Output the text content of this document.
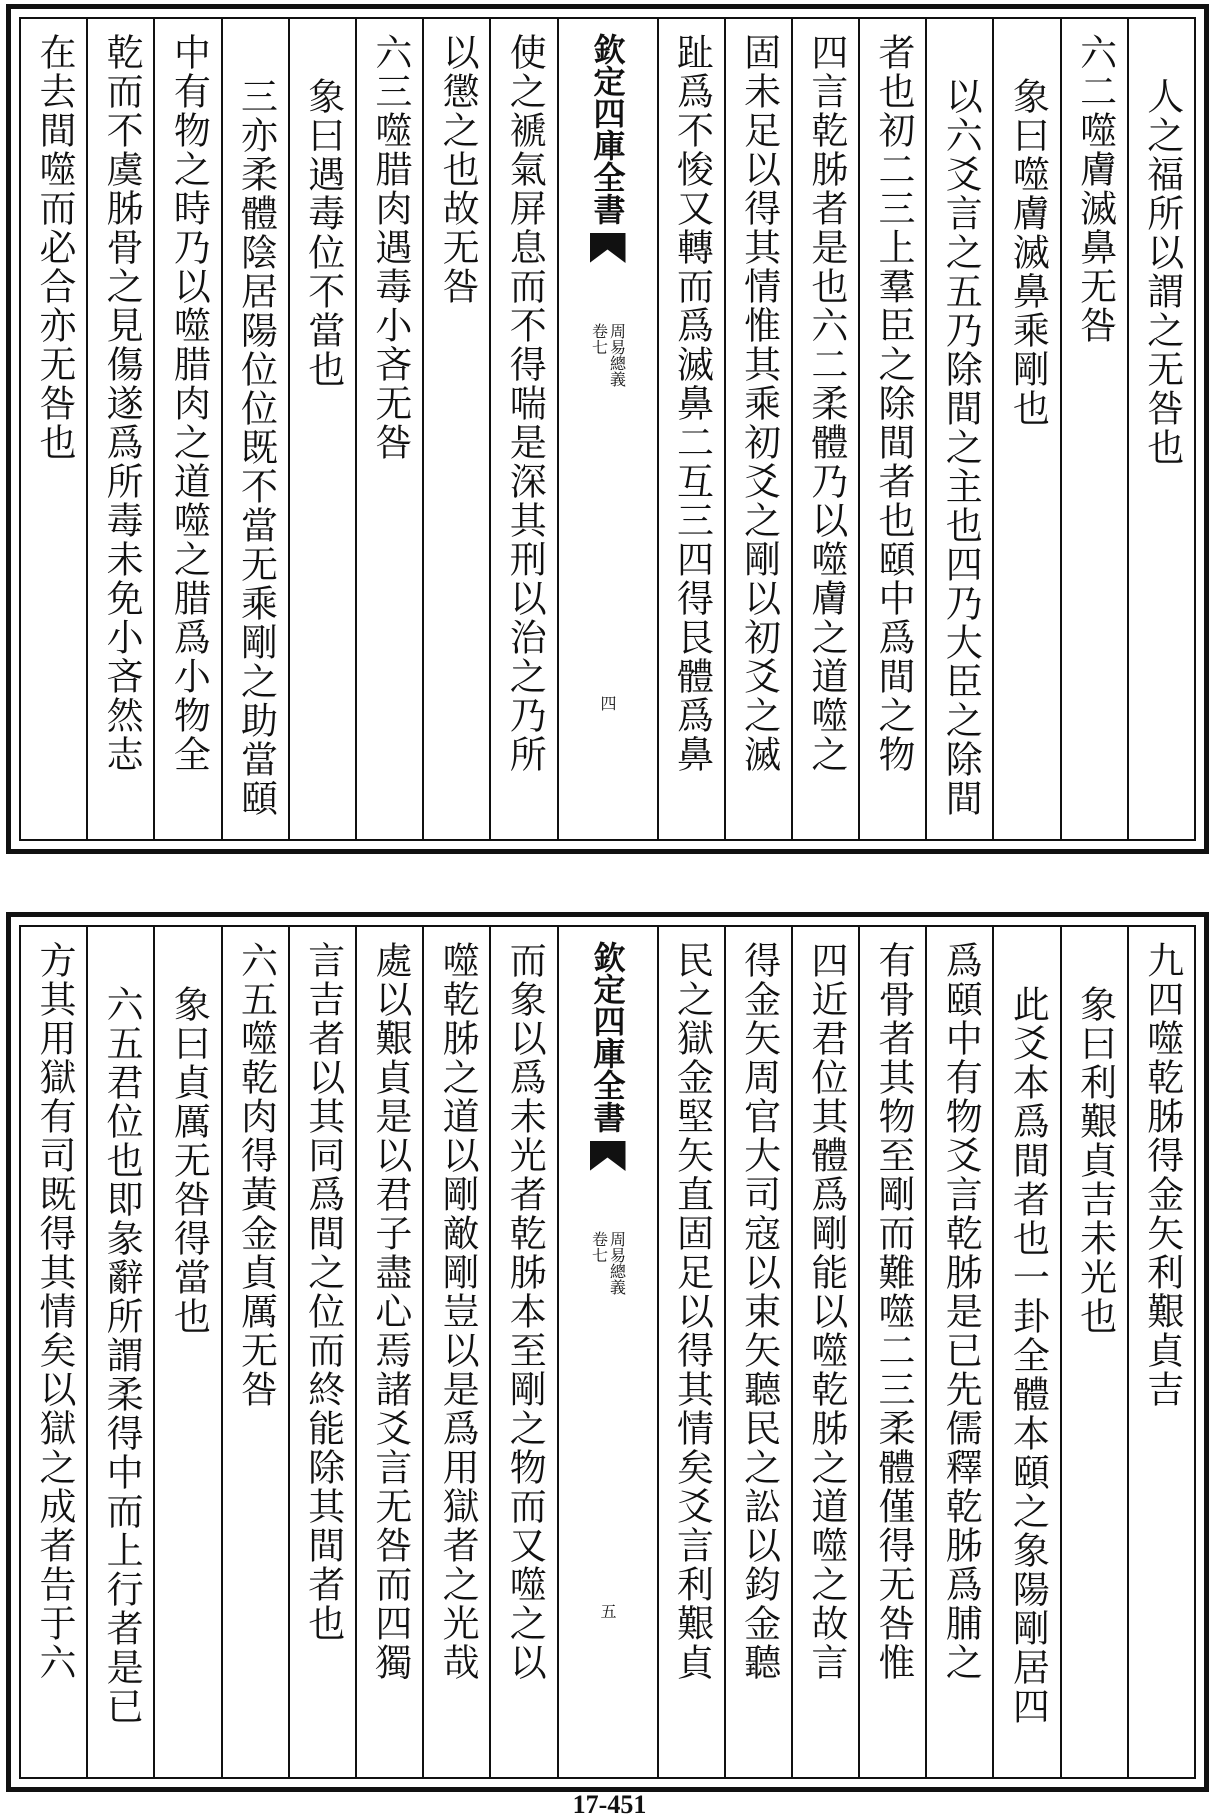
人之福所以謂之无咎也
六二噬膚滅鼻无咎
象曰噬膚滅鼻乘剛也
以六爻言之五乃除間之主也四乃大臣之除間
者也初二三上羣臣之除間者也頤中爲間之物
四言乾胏者是也六二柔體乃以噬膚之道噬之
固未足以得其情惟其乘初爻之剛以初爻之滅
趾爲不悛又轉而爲滅鼻二互三四得艮體爲鼻
欽定四庫全書
周易總義
卷七
四
使之褫氣屏息而不得喘是深其刑以治之乃所
以懲之也故无咎
六三噬腊肉遇毒小吝无咎
象曰遇毒位不當也
三亦柔體陰居陽位位既不當无乘剛之助當頤
中有物之時乃以噬腊肉之道噬之腊爲小物全
乾而不虞胏骨之見傷遂爲所毒未免小吝然志
在去間噬而必合亦无咎也
九四噬乾胏得金矢利艱貞吉
象曰利艱貞吉未光也
此爻本爲間者也一卦全體本頤之象陽剛居四
爲頤中有物爻言乾胏是已先儒釋乾胏爲脯之
有骨者其物至剛而難噬二三柔體僅得无咎惟
四近君位其體爲剛能以噬乾胏之道噬之故言
得金矢周官大司寇以束矢聽民之訟以鈞金聽
民之獄金堅矢直固足以得其情矣爻言利艱貞
欽定四庫全書
周易總義
卷七
五
而象以爲未光者乾胏本至剛之物而又噬之以
噬乾胏之道以剛敵剛豈以是爲用獄者之光哉
處以艱貞是以君子盡心焉諸爻言无咎而四獨
言吉者以其同爲間之位而終能除其間者也
六五噬乾肉得黃金貞厲无咎
象曰貞厲无咎得當也
六五君位也即彖辭所謂柔得中而上行者是已
方其用獄有司既得其情矣以獄之成者告于六
17-451
